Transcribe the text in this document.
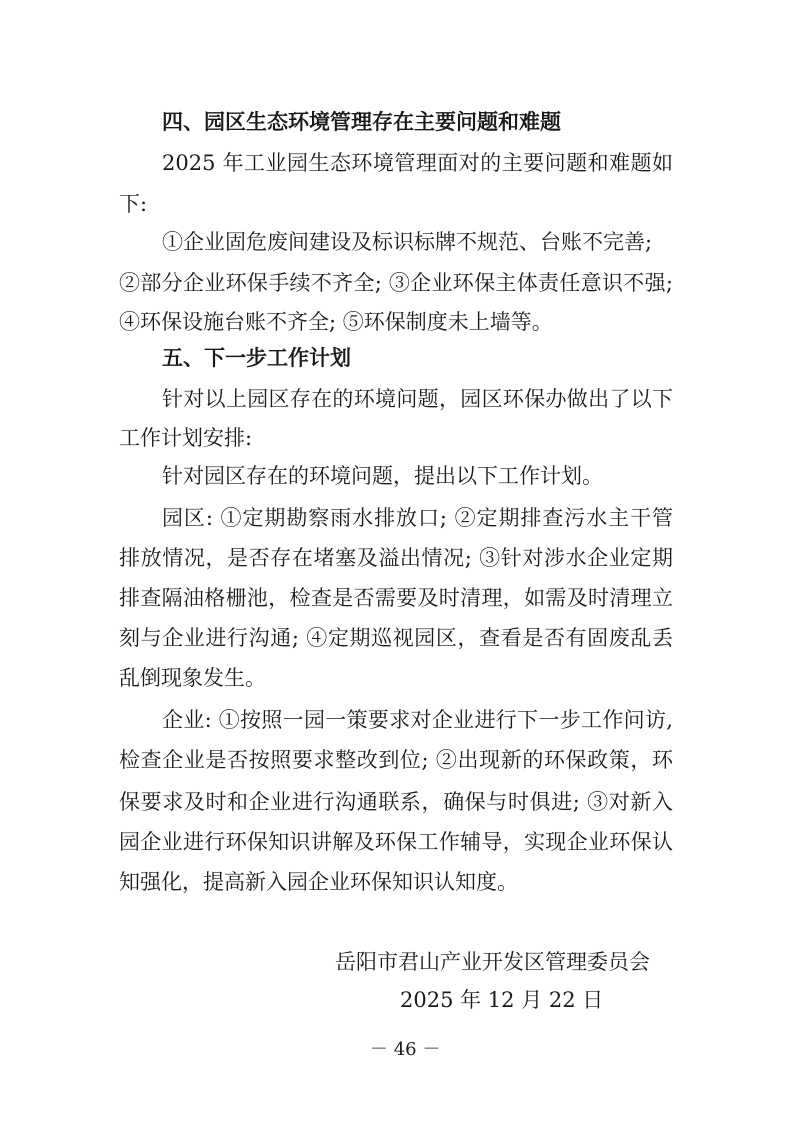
四、园区生态环境管理存在主要问题和难题
2025 年工业园生态环境管理面对的主要问题和难题如
下:
①企业固危废间建设及标识标牌不规范、台账不完善;
②部分企业环保手续不齐全; ③企业环保主体责任意识不强;
④环保设施台账不齐全; ⑤环保制度未上墙等。
五、下一步工作计划
针对以上园区存在的环境问题，园区环保办做出了以下
工作计划安排:
针对园区存在的环境问题，提出以下工作计划。
园区: ①定期勘察雨水排放口; ②定期排查污水主干管
排放情况，是否存在堵塞及溢出情况; ③针对涉水企业定期
排查隔油格栅池，检查是否需要及时清理，如需及时清理立
刻与企业进行沟通; ④定期巡视园区，查看是否有固废乱丢
乱倒现象发生。
企业: ①按照一园一策要求对企业进行下一步工作问访,
检查企业是否按照要求整改到位; ②出现新的环保政策，环
保要求及时和企业进行沟通联系，确保与时俱进; ③对新入
园企业进行环保知识讲解及环保工作辅导，实现企业环保认
知强化，提高新入园企业环保知识认知度。
岳阳市君山产业开发区管理委员会
2025 年 12 月 22 日
－ 46 －
